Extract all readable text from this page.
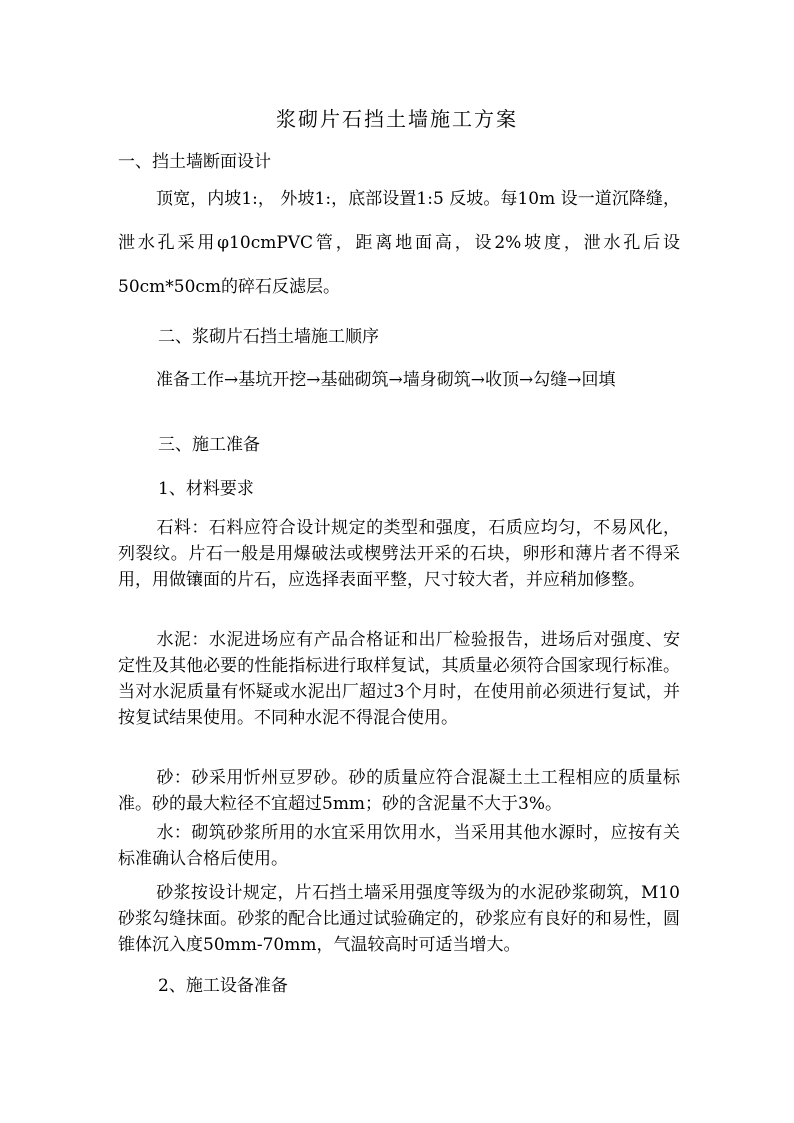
浆砌片石挡土墙施工方案
一、挡土墙断面设计
顶宽，内坡1:， 外坡1:，底部设置1:5 反坡。每10m 设一道沉降缝，泄水孔采用φ10cmPVC管，距离地面高，设2%坡度，泄水孔后设50cm*50cm的碎石反滤层。
二、浆砌片石挡土墙施工顺序
准备工作→基坑开挖→基础砌筑→墙身砌筑→收顶→勾缝→回填
三、施工准备
1、材料要求
石料：石料应符合设计规定的类型和强度，石质应均匀，不易风化，列裂纹。片石一般是用爆破法或楔劈法开采的石块，卵形和薄片者不得采用，用做镶面的片石，应选择表面平整，尺寸较大者，并应稍加修整。
水泥：水泥进场应有产品合格证和出厂检验报告，进场后对强度、安定性及其他必要的性能指标进行取样复试，其质量必须符合国家现行标准。当对水泥质量有怀疑或水泥出厂超过3个月时，在使用前必须进行复试，并按复试结果使用。不同种水泥不得混合使用。
砂：砂采用忻州豆罗砂。砂的质量应符合混凝土土工程相应的质量标准。砂的最大粒径不宜超过5mm；砂的含泥量不大于3%。
水：砌筑砂浆所用的水宜采用饮用水，当采用其他水源时，应按有关标准确认合格后使用。
砂浆按设计规定，片石挡土墙采用强度等级为的水泥砂浆砌筑，M10砂浆勾缝抹面。砂浆的配合比通过试验确定的，砂浆应有良好的和易性，圆锥体沉入度50mm-70mm，气温较高时可适当增大。
2、施工设备准备
